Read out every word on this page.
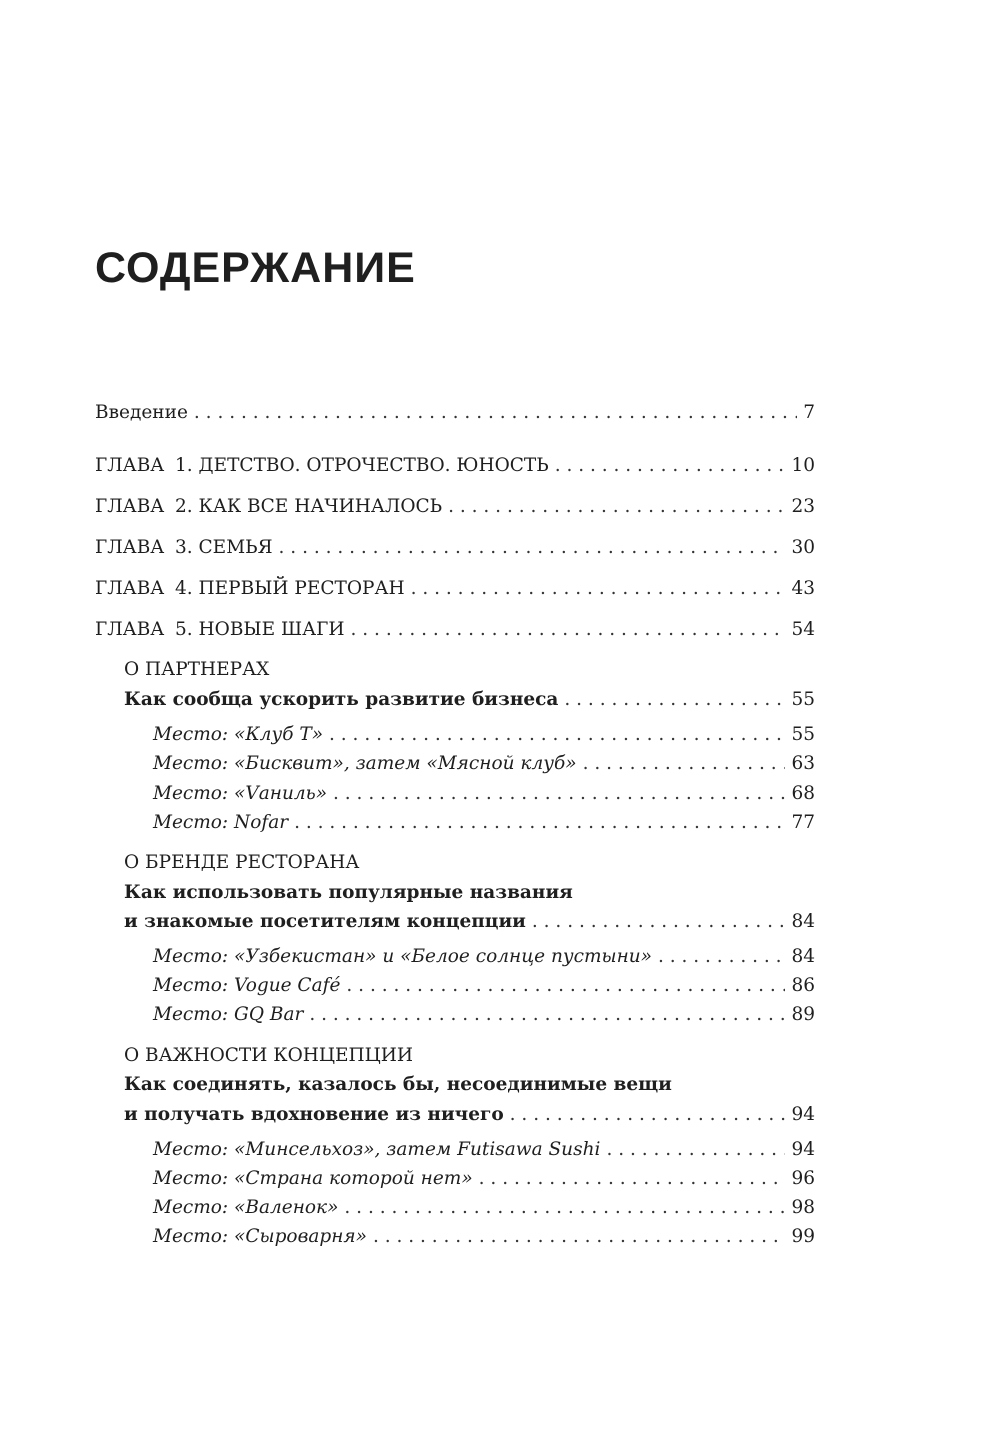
СОДЕРЖАНИЕ
Введение . . .	7
ГЛАВА 1. ДЕТСТВО. ОТРОЧЕСТВО. ЮНОСТЬ . . .	10
ГЛАВА 2. КАК ВСЕ НАЧИНАЛОСЬ . . .	23
ГЛАВА 3. СЕМЬЯ . . .	30
ГЛАВА 4. ПЕРВЫЙ РЕСТОРАН . . .	43
ГЛАВА 5. НОВЫЕ ШАГИ . . .	54
О ПАРТНЕРАХ
Как сообща ускорить развитие бизнеса . . .	55
Место: «Клуб Т» . . .	55
Место: «Бисквит», затем «Мясной клуб» . . .	63
Место: «Vаниль» . . .	68
Место: Nofar . . .	77
О БРЕНДЕ РЕСТОРАНА
Как использовать популярные названия
и знакомые посетителям концепции . . .	84
Место: «Узбекистан» и «Белое солнце пустыни» . . .	84
Место: Vogue Café . . .	86
Место: GQ Bar . . .	89
О ВАЖНОСТИ КОНЦЕПЦИИ
Как соединять, казалось бы, несоединимые вещи
и получать вдохновение из ничего . . .	94
Место: «Минсельхоз», затем Futisawa Sushi . . .	94
Место: «Страна которой нет» . . .	96
Место: «Валенок» . . .	98
Место: «Сыроварня» . . .	99
